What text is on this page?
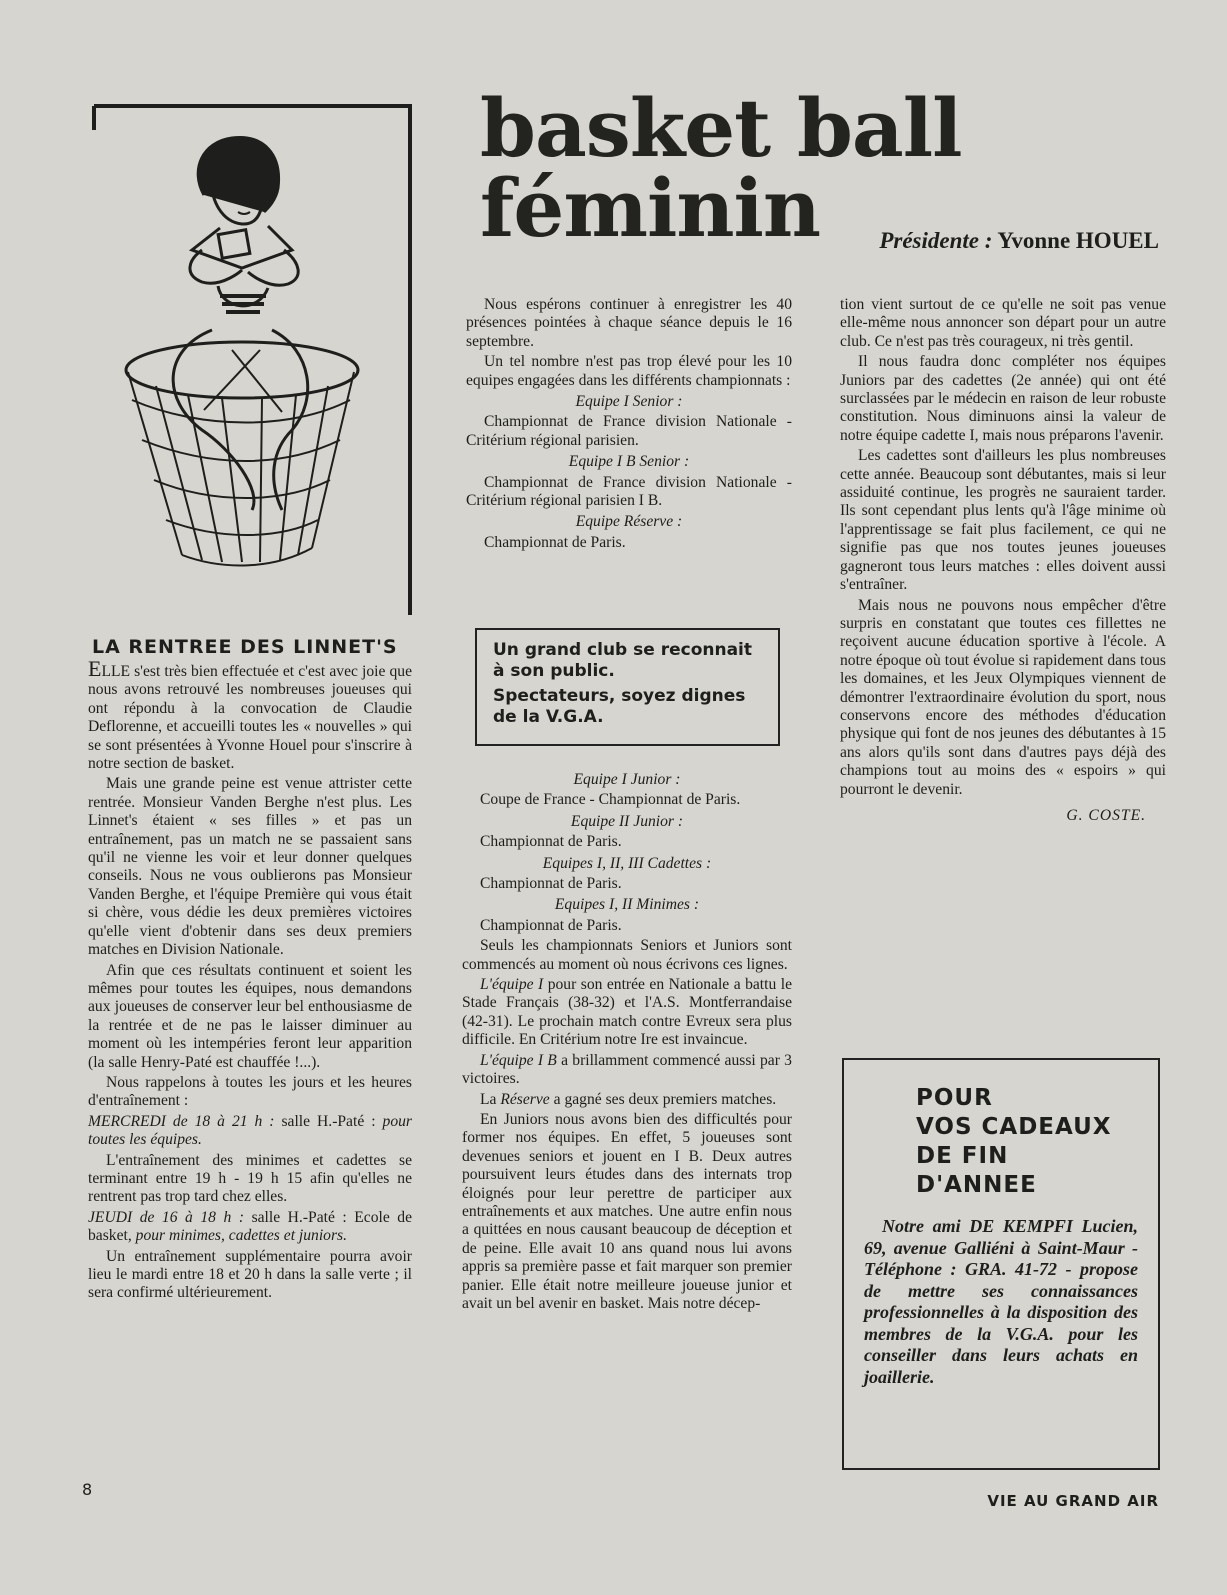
basket ball féminin	Présidente : Yvonne HOUEL
LA RENTREE DES LINNET'S

ELLE s'est très bien effectuée et c'est avec joie que nous avons retrouvé les nombreuses joueuses qui ont répondu à la convocation de Claudie Deflorenne, et accueilli toutes les « nouvelles » qui se sont présentées à Yvonne Houel pour s'inscrire à notre section de basket.

Mais une grande peine est venue attrister cette rentrée. Monsieur Vanden Berghe n'est plus. Les Linnet's étaient « ses filles » et pas un entraînement, pas un match ne se passaient sans qu'il ne vienne les voir et leur donner quelques conseils. Nous ne vous oublierons pas Monsieur Vanden Berghe, et l'équipe Première qui vous était si chère, vous dédie les deux premières victoires qu'elle vient d'obtenir dans ses deux premiers matches en Division Nationale.

Afin que ces résultats continuent et soient les mêmes pour toutes les équipes, nous demandons aux joueuses de conserver leur bel enthousiasme de la rentrée et de ne pas le laisser diminuer au moment où les intempéries feront leur apparition (la salle Henry-Paté est chauffée !...).

Nous rappelons à toutes les jours et les heures d'entraînement :

MERCREDI de 18 à 21 h : salle H.-Paté : pour toutes les équipes.

L'entraînement des minimes et cadettes se terminant entre 19 h - 19 h 15 afin qu'elles ne rentrent pas trop tard chez elles.

JEUDI de 16 à 18 h : salle H.-Paté : Ecole de basket, pour minimes, cadettes et juniors.

Un entraînement supplémentaire pourra avoir lieu le mardi entre 18 et 20 h dans la salle verte ; il sera confirmé ultérieurement.

Nous espérons continuer à enregistrer les 40 présences pointées à chaque séance depuis le 16 septembre.

Un tel nombre n'est pas trop élevé pour les 10 equipes engagées dans les différents championnats :

Equipe I Senior :

Championnat de France division Nationale - Critérium régional parisien.

Equipe I B Senior :

Championnat de France division Nationale - Critérium régional parisien I B.

Equipe Réserve :

Championnat de Paris.

Un grand club se reconnait à son public.

Spectateurs, soyez dignes de la V.G.A.

Equipe I Junior :

Coupe de France - Championnat de Paris.

Equipe II Junior :

Championnat de Paris.

Equipes I, II, III Cadettes :

Championnat de Paris.

Equipes I, II Minimes :

Championnat de Paris.

Seuls les championnats Seniors et Juniors sont commencés au moment où nous écrivons ces lignes.

L'équipe I pour son entrée en Nationale a battu le Stade Français (38-32) et l'A.S. Montferrandaise (42-31). Le prochain match contre Evreux sera plus difficile. En Critérium notre Ire est invaincue.

L'équipe I B a brillamment commencé aussi par 3 victoires.

La Réserve a gagné ses deux premiers matches.

En Juniors nous avons bien des difficultés pour former nos équipes. En effet, 5 joueuses sont devenues seniors et jouent en I B. Deux autres poursuivent leurs études dans des internats trop éloignés pour leur perettre de participer aux entraînements et aux matches. Une autre enfin nous a quittées en nous causant beaucoup de déception et de peine. Elle avait 10 ans quand nous lui avons appris sa première passe et fait marquer son premier panier. Elle était notre meilleure joueuse junior et avait un bel avenir en basket. Mais notre décep-

tion vient surtout de ce qu'elle ne soit pas venue elle-même nous annoncer son départ pour un autre club. Ce n'est pas très courageux, ni très gentil.

Il nous faudra donc compléter nos équipes Juniors par des cadettes (2e année) qui ont été surclassées par le médecin en raison de leur robuste constitution. Nous diminuons ainsi la valeur de notre équipe cadette I, mais nous préparons l'avenir.

Les cadettes sont d'ailleurs les plus nombreuses cette année. Beaucoup sont débutantes, mais si leur assiduité continue, les progrès ne sauraient tarder. Ils sont cependant plus lents qu'à l'âge minime où l'apprentissage se fait plus facilement, ce qui ne signifie pas que nos toutes jeunes joueuses gagneront tous leurs matches : elles doivent aussi s'entraîner.

Mais nous ne pouvons nous empêcher d'être surpris en constatant que toutes ces fillettes ne reçoivent aucune éducation sportive à l'école. A notre époque où tout évolue si rapidement dans tous les domaines, et les Jeux Olympiques viennent de démontrer l'extraordinaire évolution du sport, nous conservons encore des méthodes d'éducation physique qui font de nos jeunes des débutantes à 15 ans alors qu'ils sont dans d'autres pays déjà des champions tout au moins des « espoirs » qui pourront le devenir.

G. COSTE.

POUR
VOS CADEAUX
DE FIN
D'ANNEE

Notre ami DE KEMPFI Lucien, 69, avenue Galliéni à Saint-Maur - Téléphone : GRA. 41-72 - propose de mettre ses connaissances professionnelles à la disposition des membres de la V.G.A. pour les conseiller dans leurs achats en joaillerie.

8
VIE AU GRAND AIR
